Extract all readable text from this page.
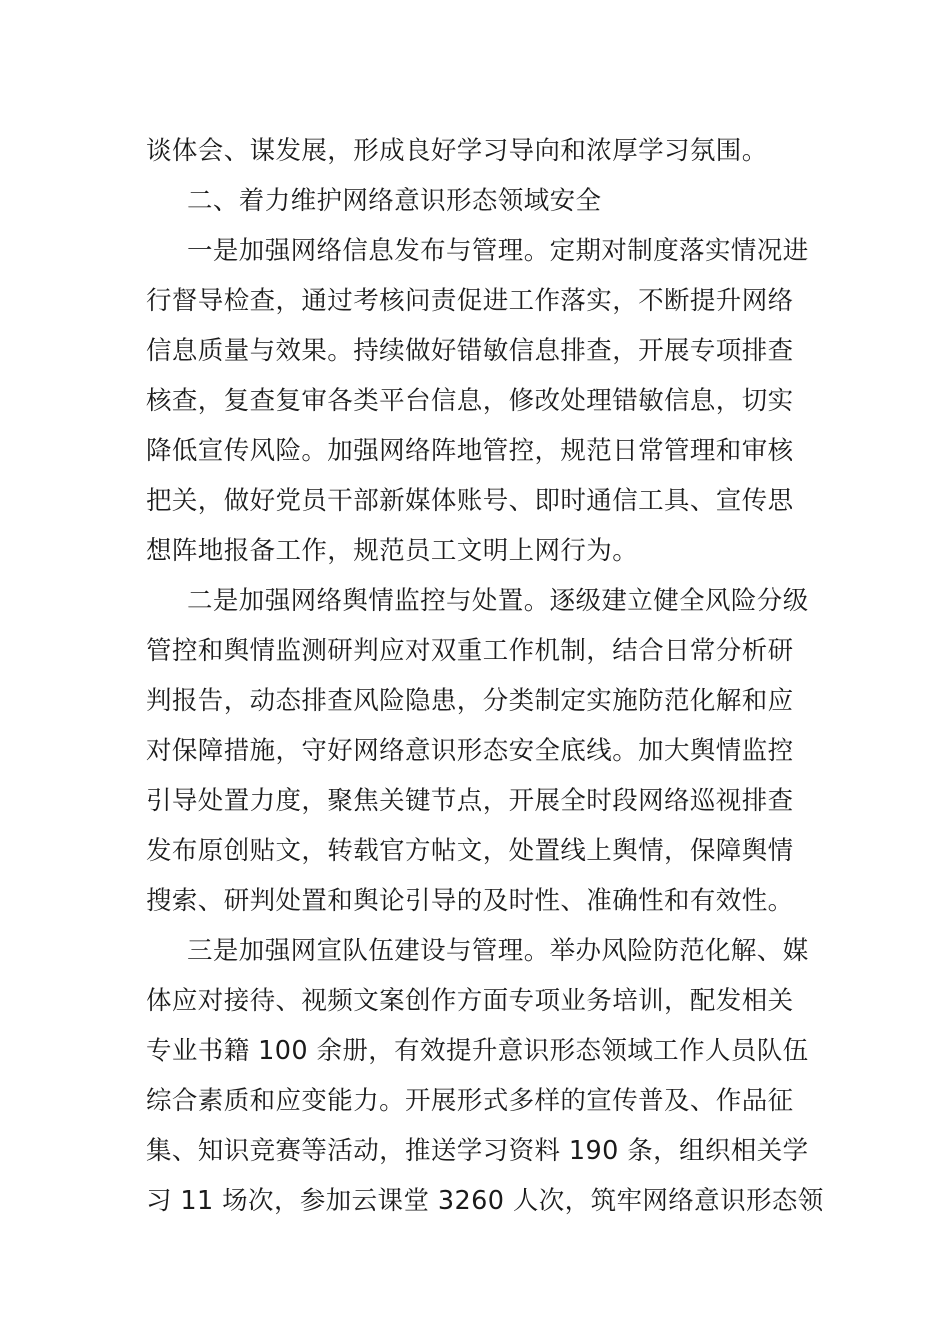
谈体会、谋发展，形成良好学习导向和浓厚学习氛围。
二、着力维护网络意识形态领域安全
一是加强网络信息发布与管理。定期对制度落实情况进
行督导检查，通过考核问责促进工作落实，不断提升网络
信息质量与效果。持续做好错敏信息排查，开展专项排查
核查，复查复审各类平台信息，修改处理错敏信息，切实
降低宣传风险。加强网络阵地管控，规范日常管理和审核
把关，做好党员干部新媒体账号、即时通信工具、宣传思
想阵地报备工作，规范员工文明上网行为。
二是加强网络舆情监控与处置。逐级建立健全风险分级
管控和舆情监测研判应对双重工作机制，结合日常分析研
判报告，动态排查风险隐患，分类制定实施防范化解和应
对保障措施，守好网络意识形态安全底线。加大舆情监控
引导处置力度，聚焦关键节点，开展全时段网络巡视排查
发布原创贴文，转载官方帖文，处置线上舆情，保障舆情
搜索、研判处置和舆论引导的及时性、准确性和有效性。
三是加强网宣队伍建设与管理。举办风险防范化解、媒
体应对接待、视频文案创作方面专项业务培训，配发相关
专业书籍 100 余册，有效提升意识形态领域工作人员队伍
综合素质和应变能力。开展形式多样的宣传普及、作品征
集、知识竞赛等活动，推送学习资料 190 条，组织相关学
习 11 场次，参加云课堂 3260 人次，筑牢网络意识形态领
